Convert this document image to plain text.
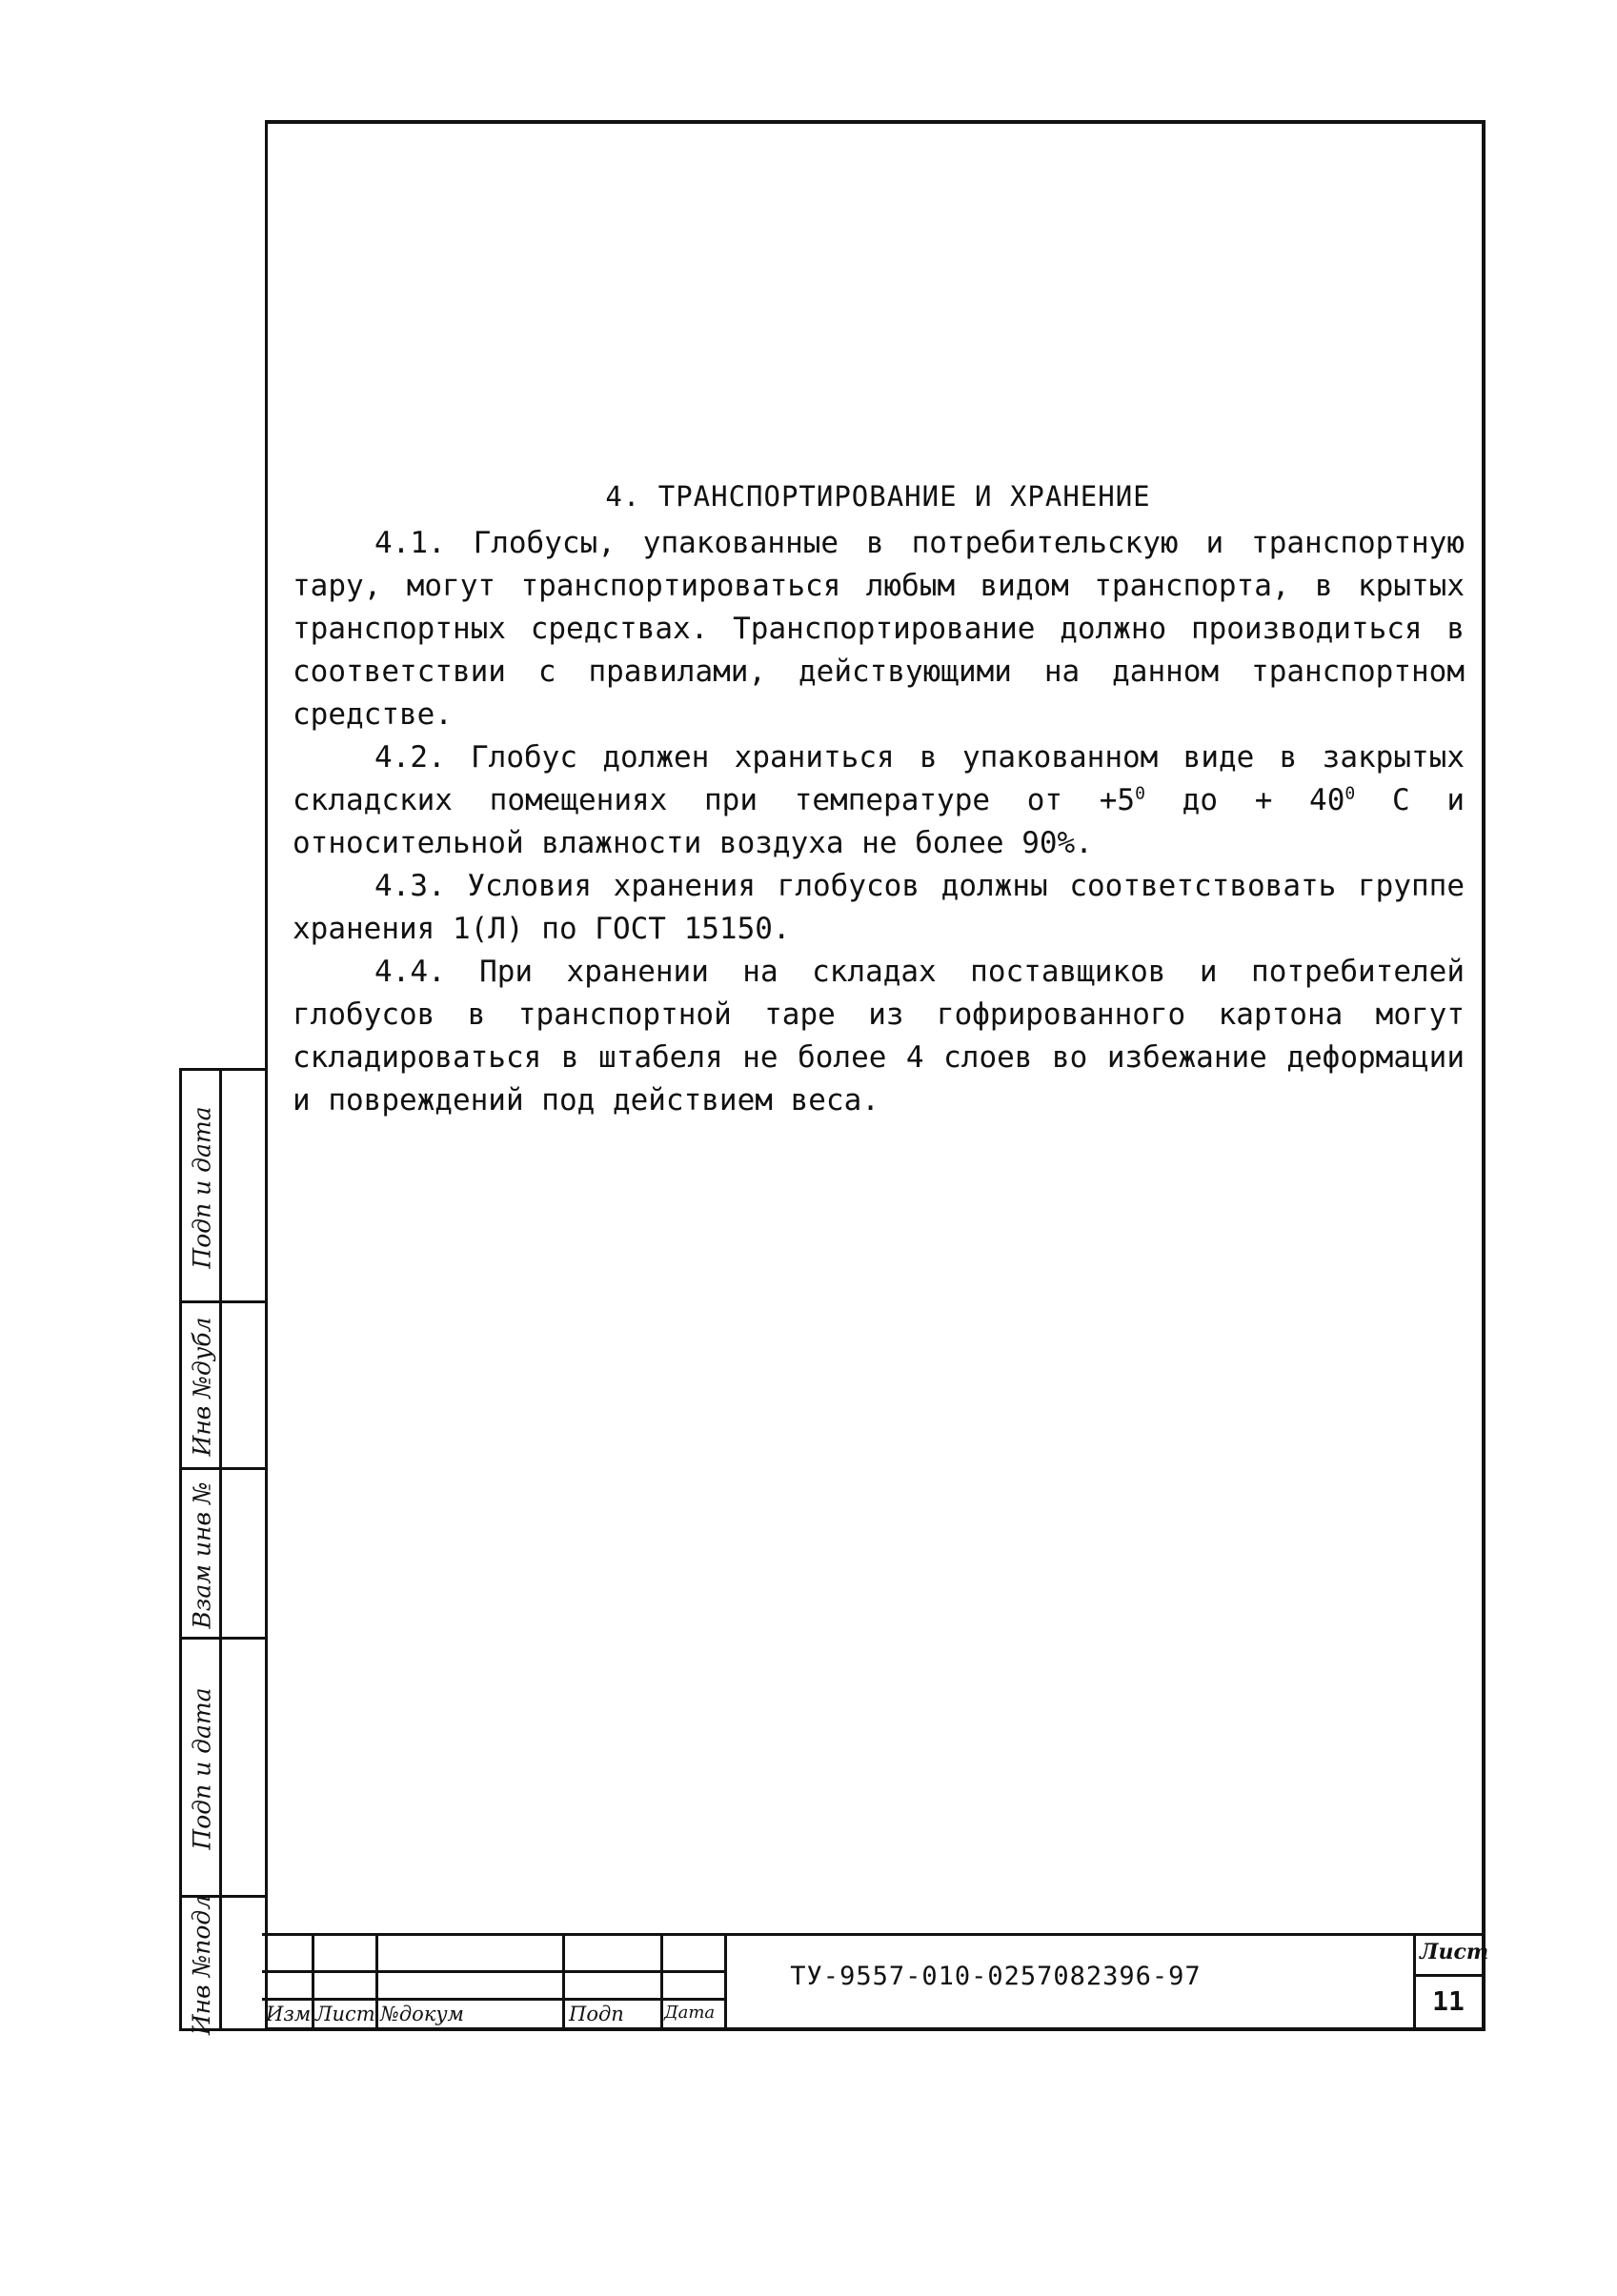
4. ТРАНСПОРТИРОВАНИЕ И ХРАНЕНИЕ

4.1. Глобусы, упакованные в потребительскую и транспортную тару, могут транспортироваться любым видом транспорта, в крытых транспортных средствах. Транспортирование должно производиться в соответствии с правилами, действующими на данном транспортном средстве.

4.2. Глобус должен храниться в упакованном виде в закрытых складских помещениях при температуре от $+5^0$ до + $40^0$ С и относительной влажности воздуха не более 90%.

4.3. Условия хранения глобусов должны соответствовать группе хранения 1(Л) по ГОСТ 15150.

4.4. При хранении на складах поставщиков и потребителей глобусов в транспортной таре из гофрированного картона могут складироваться в штабеля не более 4 слоев во избежание деформации и повреждений под действием веса.

Подп и дата
Инв №дубл
Взам инв №
Подп и дата
Инв №подл	Изм Лист №докум	Подп Дата
ТУ-9557-010-0257082396-97
Лист
11
